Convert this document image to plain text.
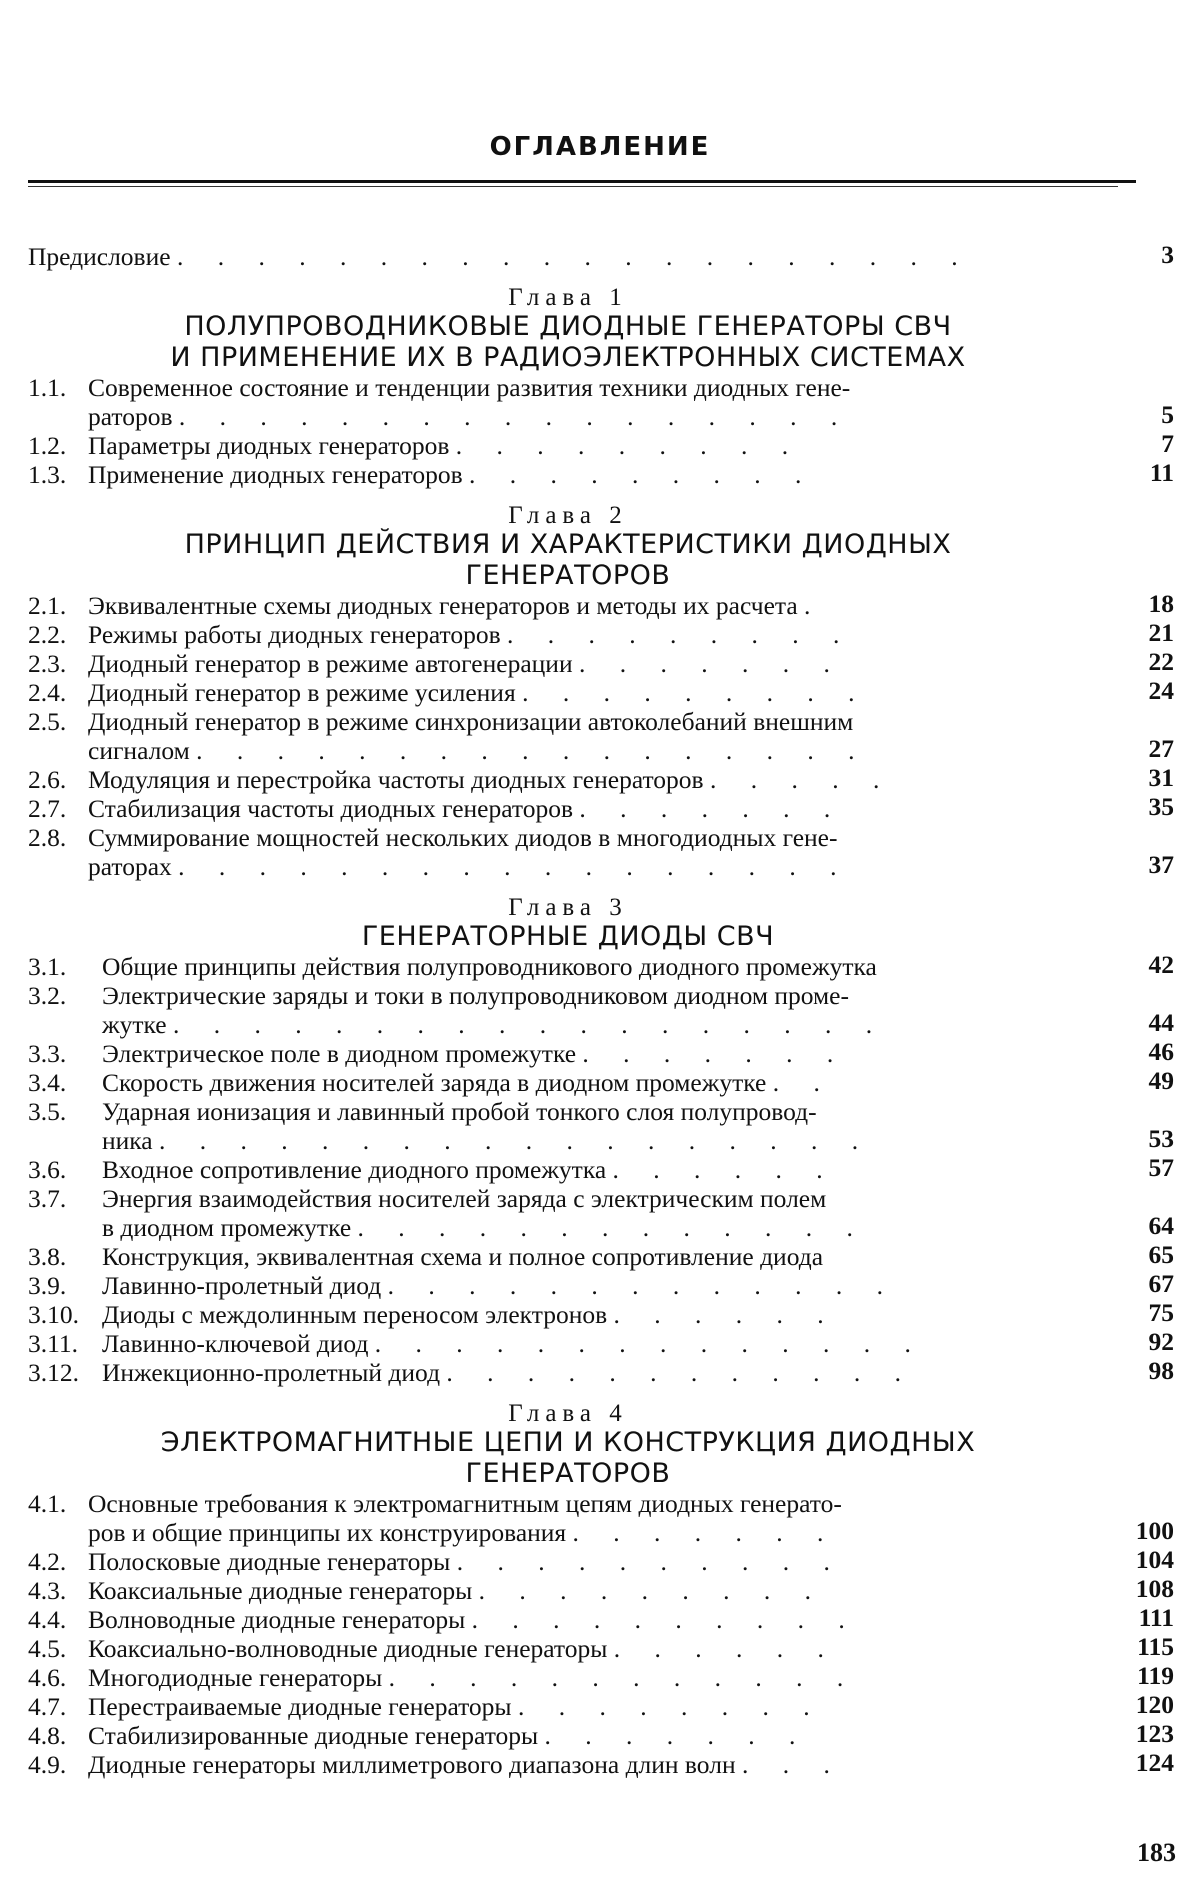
ОГЛАВЛЕНИЕ
Предисловие . . . . . . . . . . . . . . . . . . . .	3
Глава 1
ПОЛУПРОВОДНИКОВЫЕ ДИОДНЫЕ ГЕНЕРАТОРЫ СВЧ
И ПРИМЕНЕНИЕ ИХ В РАДИОЭЛЕКТРОННЫХ СИСТЕМАХ
1.1. Современное состояние и тенденции развития техники диодных гене-
раторов . . . . . . . . . . . . . . . . .	5
1.2. Параметры диодных генераторов . . . . . . . . .	7
1.3. Применение диодных генераторов . . . . . . . . .	11
Глава 2
ПРИНЦИП ДЕЙСТВИЯ И ХАРАКТЕРИСТИКИ ДИОДНЫХ
ГЕНЕРАТОРОВ
2.1. Эквивалентные схемы диодных генераторов и методы их расчета .	18
2.2. Режимы работы диодных генераторов . . . . . . . . .	21
2.3. Диодный генератор в режиме автогенерации . . . . . . .	22
2.4. Диодный генератор в режиме усиления . . . . . . . . .	24
2.5. Диодный генератор в режиме синхронизации автоколебаний внешним
сигналом . . . . . . . . . . . . . . . . .	27
2.6. Модуляция и перестройка частоты диодных генераторов . . . . .	31
2.7. Стабилизация частоты диодных генераторов . . . . . . .	35
2.8. Суммирование мощностей нескольких диодов в многодиодных гене-
раторах . . . . . . . . . . . . . . . . .	37
Глава 3
ГЕНЕРАТОРНЫЕ ДИОДЫ СВЧ
3.1.	Общие принципы действия полупроводникового диодного промежутка	42
3.2.	Электрические заряды и токи в полупроводниковом диодном проме-
жутке . . . . . . . . . . . . . . . . . .	44
3.3.	Электрическое поле в диодном промежутке . . . . . . .	46
3.4.	Скорость движения носителей заряда в диодном промежутке . .	49
3.5.	Ударная ионизация и лавинный пробой тонкого слоя полупровод-
ника . . . . . . . . . . . . . . . . . .	53
3.6.	Входное сопротивление диодного промежутка . . . . . .	57
3.7.	Энергия взаимодействия носителей заряда с электрическим полем
в диодном промежутке . . . . . . . . . . . . .	64
3.8.	Конструкция, эквивалентная схема и полное сопротивление диода	65
3.9.	Лавинно-пролетный диод . . . . . . . . . . . . .	67
3.10. Диоды с междолинным переносом электронов . . . . . .	75
3.11. Лавинно-ключевой диод . . . . . . . . . . . . . .	92
3.12. Инжекционно-пролетный диод . . . . . . . . . . . .	98
Глава 4
ЭЛЕКТРОМАГНИТНЫЕ ЦЕПИ И КОНСТРУКЦИЯ ДИОДНЫХ
ГЕНЕРАТОРОВ
4.1. Основные требования к электромагнитным цепям диодных генерато-
ров и общие принципы их конструирования . . . . . . .	100
4.2. Полосковые диодные генераторы . . . . . . . . . .	104
4.3. Коаксиальные диодные генераторы . . . . . . . . .	108
4.4. Волноводные диодные генераторы . . . . . . . . . .	111
4.5. Коаксиально-волноводные диодные генераторы . . . . . .	115
4.6. Многодиодные генераторы . . . . . . . . . . . .	119
4.7. Перестраиваемые диодные генераторы . . . . . . . .	120
4.8. Стабилизированные диодные генераторы . . . . . . .	123
4.9. Диодные генераторы миллиметрового диапазона длин волн . . .	124
183
